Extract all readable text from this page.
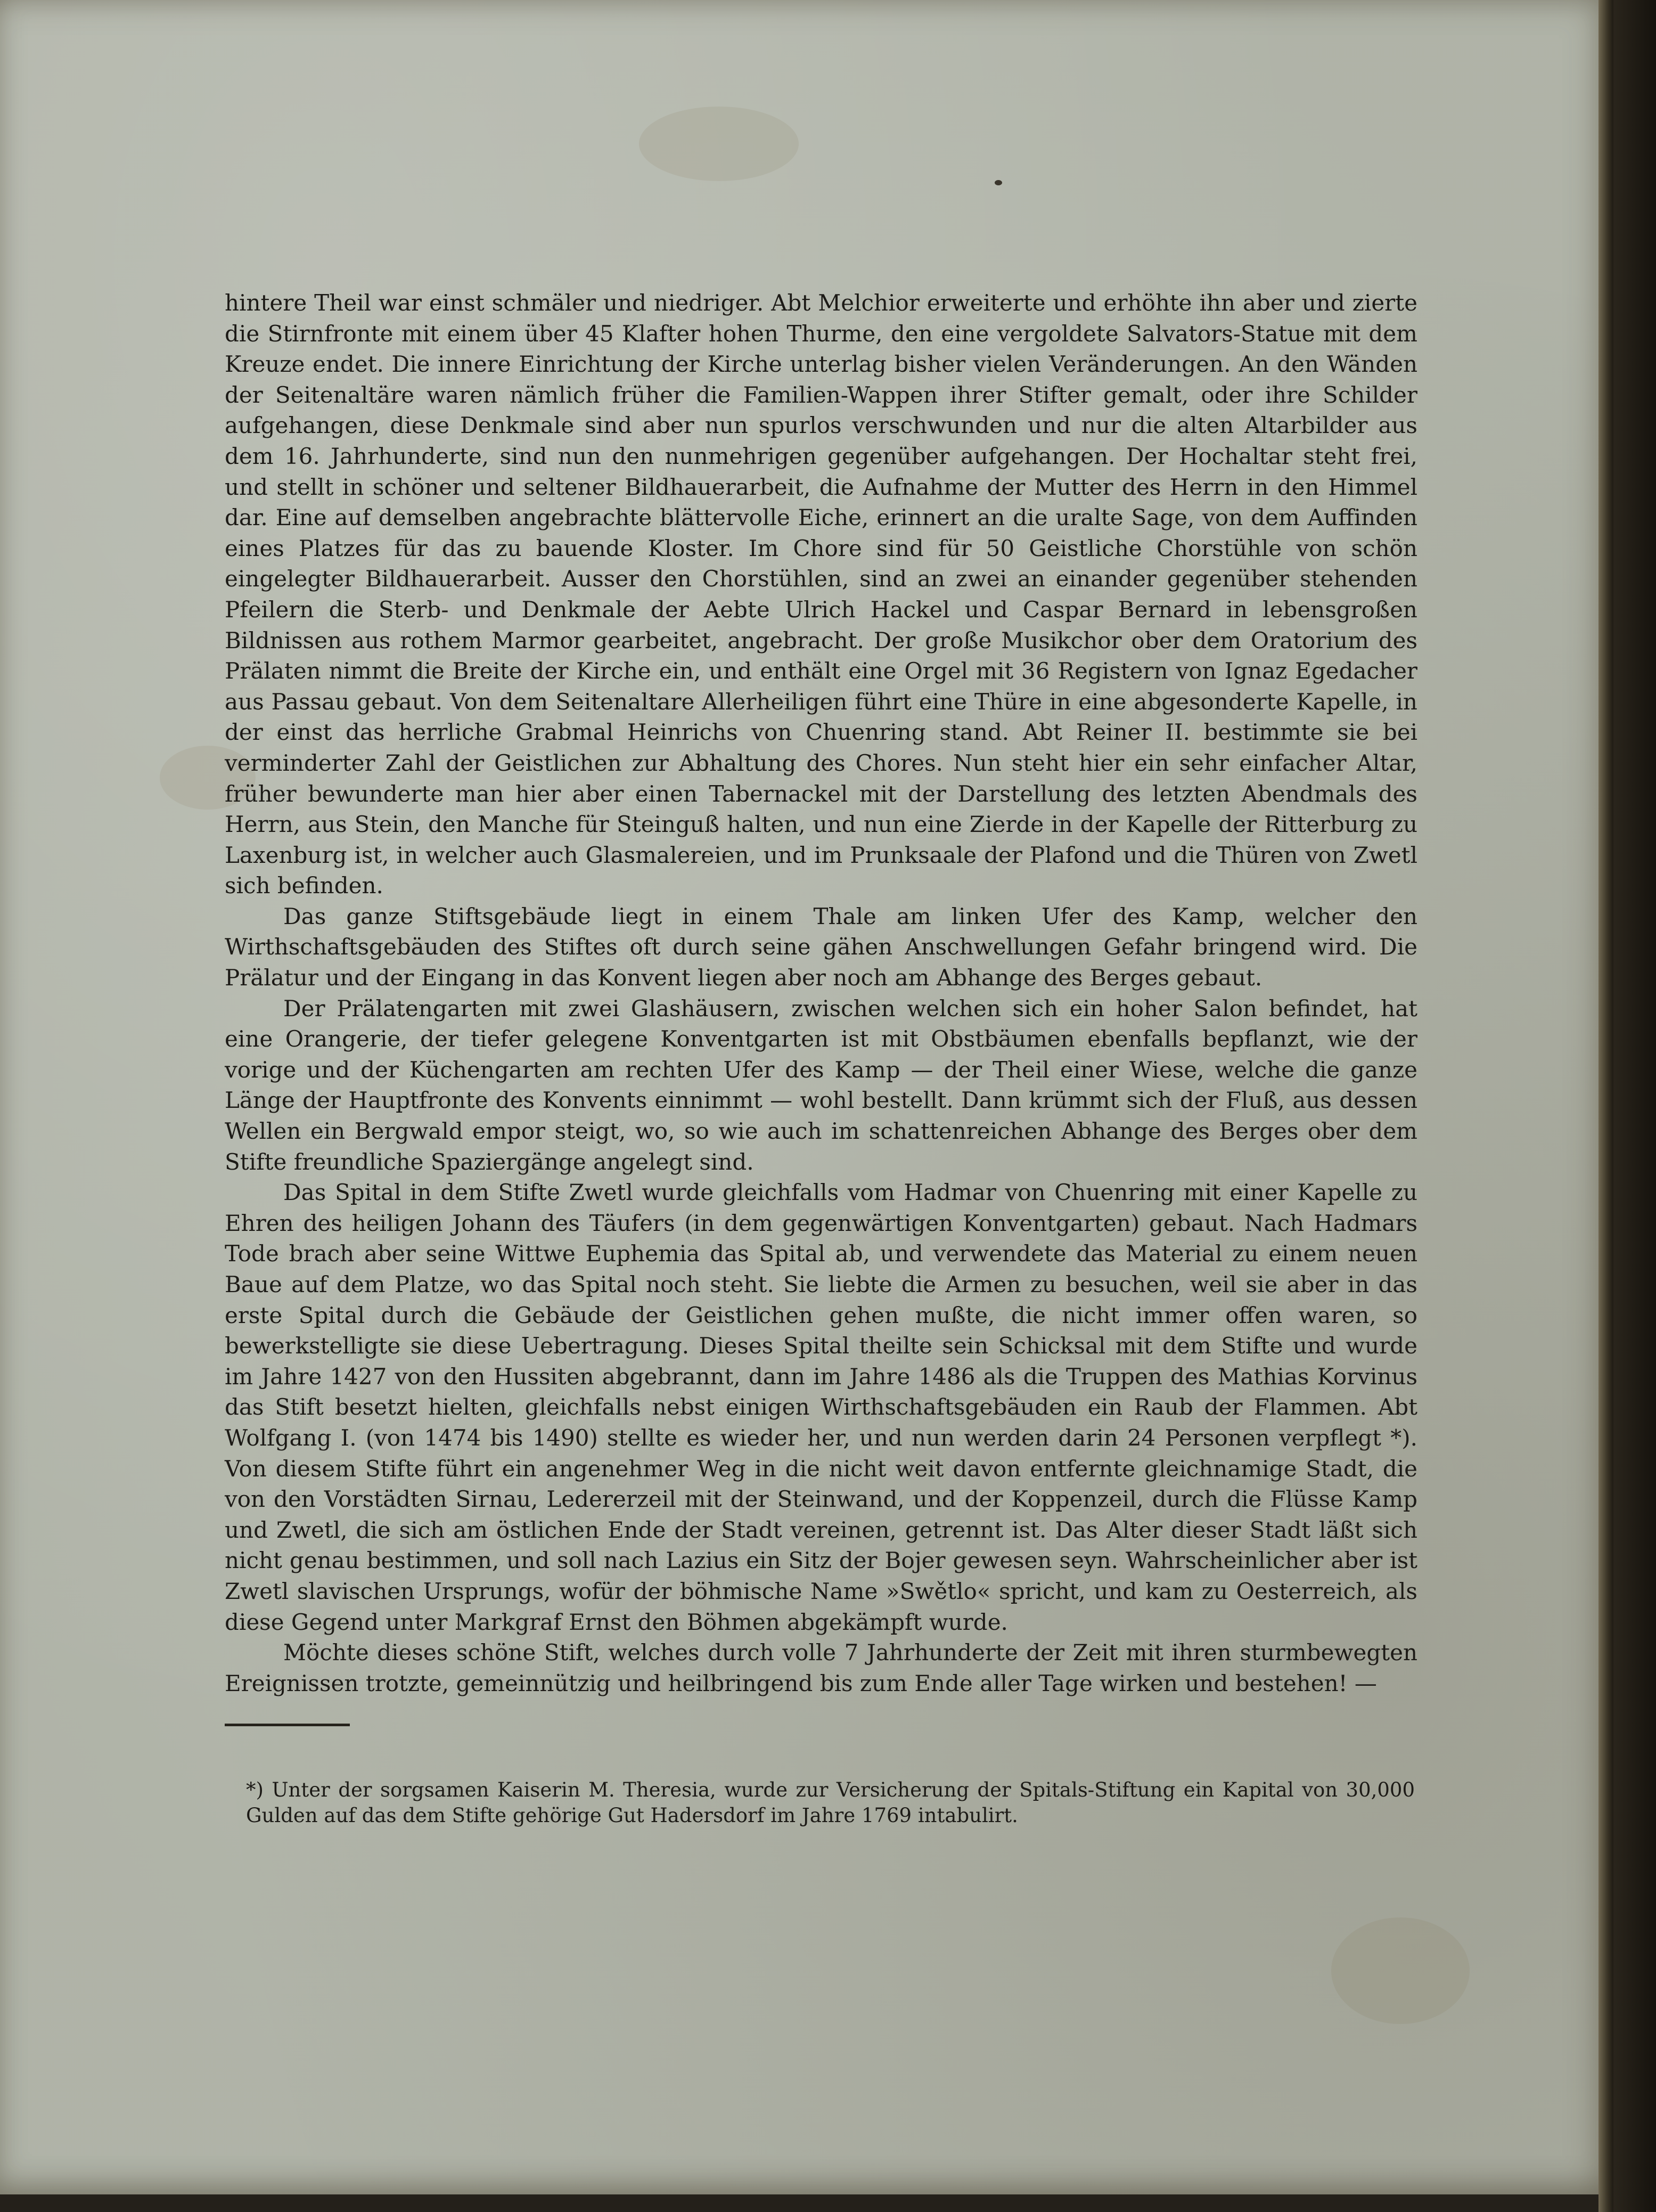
hintere Theil war einst schmäler und niedriger. Abt Melchior erweiterte und erhöhte ihn aber und zierte die Stirnfronte mit einem über 45 Klafter hohen Thurme, den eine vergoldete Salvators-Statue mit dem Kreuze endet. Die innere Einrichtung der Kirche unterlag bisher vielen Veränderungen. An den Wänden der Seitenaltäre waren nämlich früher die Familien-Wappen ihrer Stifter gemalt, oder ihre Schilder aufgehangen, diese Denkmale sind aber nun spurlos verschwunden und nur die alten Altarbilder aus dem 16. Jahrhunderte, sind nun den nunmehrigen gegenüber aufgehangen. Der Hochaltar steht frei, und stellt in schöner und seltener Bildhauerarbeit, die Aufnahme der Mutter des Herrn in den Himmel dar. Eine auf demselben angebrachte blättervolle Eiche, erinnert an die uralte Sage, von dem Auffinden eines Platzes für das zu bauende Kloster. Im Chore sind für 50 Geistliche Chorstühle von schön eingelegter Bildhauerarbeit. Ausser den Chorstühlen, sind an zwei an einander gegenüber stehenden Pfeilern die Sterb- und Denkmale der Aebte Ulrich Hackel und Caspar Bernard in lebensgroßen Bildnissen aus rothem Marmor gearbeitet, angebracht. Der große Musikchor ober dem Oratorium des Prälaten nimmt die Breite der Kirche ein, und enthält eine Orgel mit 36 Registern von Ignaz Egedacher aus Passau gebaut. Von dem Seitenaltare Allerheiligen führt eine Thüre in eine abgesonderte Kapelle, in der einst das herrliche Grabmal Heinrichs von Chuenring stand. Abt Reiner II. bestimmte sie bei verminderter Zahl der Geistlichen zur Abhaltung des Chores. Nun steht hier ein sehr einfacher Altar, früher bewunderte man hier aber einen Tabernackel mit der Darstellung des letzten Abendmals des Herrn, aus Stein, den Manche für Steinguß halten, und nun eine Zierde in der Kapelle der Ritterburg zu Laxenburg ist, in welcher auch Glasmalereien, und im Prunksaale der Plafond und die Thüren von Zwetl sich befinden.

Das ganze Stiftsgebäude liegt in einem Thale am linken Ufer des Kamp, welcher den Wirthschaftsgebäuden des Stiftes oft durch seine gähen Anschwellungen Gefahr bringend wird. Die Prälatur und der Eingang in das Konvent liegen aber noch am Abhange des Berges gebaut.

Der Prälatengarten mit zwei Glashäusern, zwischen welchen sich ein hoher Salon befindet, hat eine Orangerie, der tiefer gelegene Konventgarten ist mit Obstbäumen ebenfalls bepflanzt, wie der vorige und der Küchengarten am rechten Ufer des Kamp — der Theil einer Wiese, welche die ganze Länge der Hauptfronte des Konvents einnimmt — wohl bestellt. Dann krümmt sich der Fluß, aus dessen Wellen ein Bergwald empor steigt, wo, so wie auch im schattenreichen Abhange des Berges ober dem Stifte freundliche Spaziergänge angelegt sind.

Das Spital in dem Stifte Zwetl wurde gleichfalls vom Hadmar von Chuenring mit einer Kapelle zu Ehren des heiligen Johann des Täufers (in dem gegenwärtigen Konventgarten) gebaut. Nach Hadmars Tode brach aber seine Wittwe Euphemia das Spital ab, und verwendete das Material zu einem neuen Baue auf dem Platze, wo das Spital noch steht. Sie liebte die Armen zu besuchen, weil sie aber in das erste Spital durch die Gebäude der Geistlichen gehen mußte, die nicht immer offen waren, so bewerkstelligte sie diese Uebertragung. Dieses Spital theilte sein Schicksal mit dem Stifte und wurde im Jahre 1427 von den Hussiten abgebrannt, dann im Jahre 1486 als die Truppen des Mathias Korvinus das Stift besetzt hielten, gleichfalls nebst einigen Wirthschaftsgebäuden ein Raub der Flammen. Abt Wolfgang I. (von 1474 bis 1490) stellte es wieder her, und nun werden darin 24 Personen verpflegt *). Von diesem Stifte führt ein angenehmer Weg in die nicht weit davon entfernte gleichnamige Stadt, die von den Vorstädten Sirnau, Ledererzeil mit der Steinwand, und der Koppenzeil, durch die Flüsse Kamp und Zwetl, die sich am östlichen Ende der Stadt vereinen, getrennt ist. Das Alter dieser Stadt läßt sich nicht genau bestimmen, und soll nach Lazius ein Sitz der Bojer gewesen seyn. Wahrscheinlicher aber ist Zwetl slavischen Ursprungs, wofür der böhmische Name »Swětlo« spricht, und kam zu Oesterreich, als diese Gegend unter Markgraf Ernst den Böhmen abgekämpft wurde.

Möchte dieses schöne Stift, welches durch volle 7 Jahrhunderte der Zeit mit ihren sturmbewegten Ereignissen trotzte, gemeinnützig und heilbringend bis zum Ende aller Tage wirken und bestehen! —

*) Unter der sorgsamen Kaiserin M. Theresia, wurde zur Versicherung der Spitals-Stiftung ein Kapital von 30,000 Gulden auf das dem Stifte gehörige Gut Hadersdorf im Jahre 1769 intabulirt.
